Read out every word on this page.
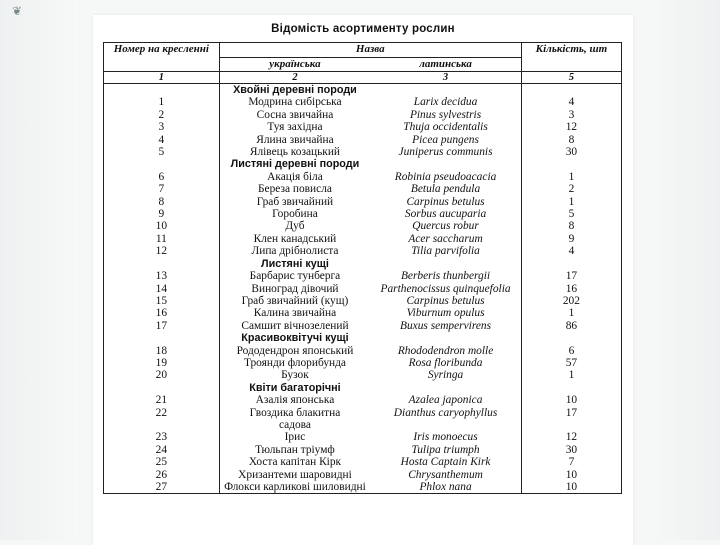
❦
Відомість асортименту рослин
Номер на кресленні	Назва		Кількість, шт
	українська	латинська	
1	2	3	5
	Хвойні деревні породи		
1	Модрина сибірська	Larix decidua	4
2	Сосна звичайна	Pinus sylvestris	3
3	Туя західна	Thuja occidentalis	12
4	Ялина звичайна	Picea pungens	8
5	Ялівець козацький	Juniperus communis	30
	Листяні деревні породи		
6	Акація біла	Robinia pseudoacacia	1
7	Береза повисла	Betula pendula	2
8	Граб звичайний	Carpinus betulus	1
9	Горобина	Sorbus aucuparia	5
10	Дуб	Quercus robur	8
11	Клен канадський	Acer saccharum	9
12	Липа дрібнолиста	Tilia parvifolia	4
	Листяні кущі		
13	Барбарис тунберга	Berberis thunbergii	17
14	Виноград дівочий	Parthenocissus quinquefolia	16
15	Граб звичайний (кущ)	Carpinus betulus	202
16	Калина звичайна	Viburnum opulus	1
17	Самшит вічнозелений	Buxus sempervirens	86
	Красивоквітучі кущі		
18	Рододендрон японський	Rhododendron molle	6
19	Троянди флорибунда	Rosa floribunda	57
20	Бузок	Syringa	1
	Квіти багаторічні		
21	Азалія японська	Azalea japonica	10
22	Гвоздика блакитна	Dianthus caryophyllus	17
	садова		
23	Ірис	Iris monoecus	12
24	Тюльпан тріумф	Tulipa triumph	30
25	Хоста капітан Кірк	Hosta Captain Kirk	7
26	Хризантеми шаровидні	Chrysanthemum	10
27	Флокси карликові шиловидні	Phlox nana	10
